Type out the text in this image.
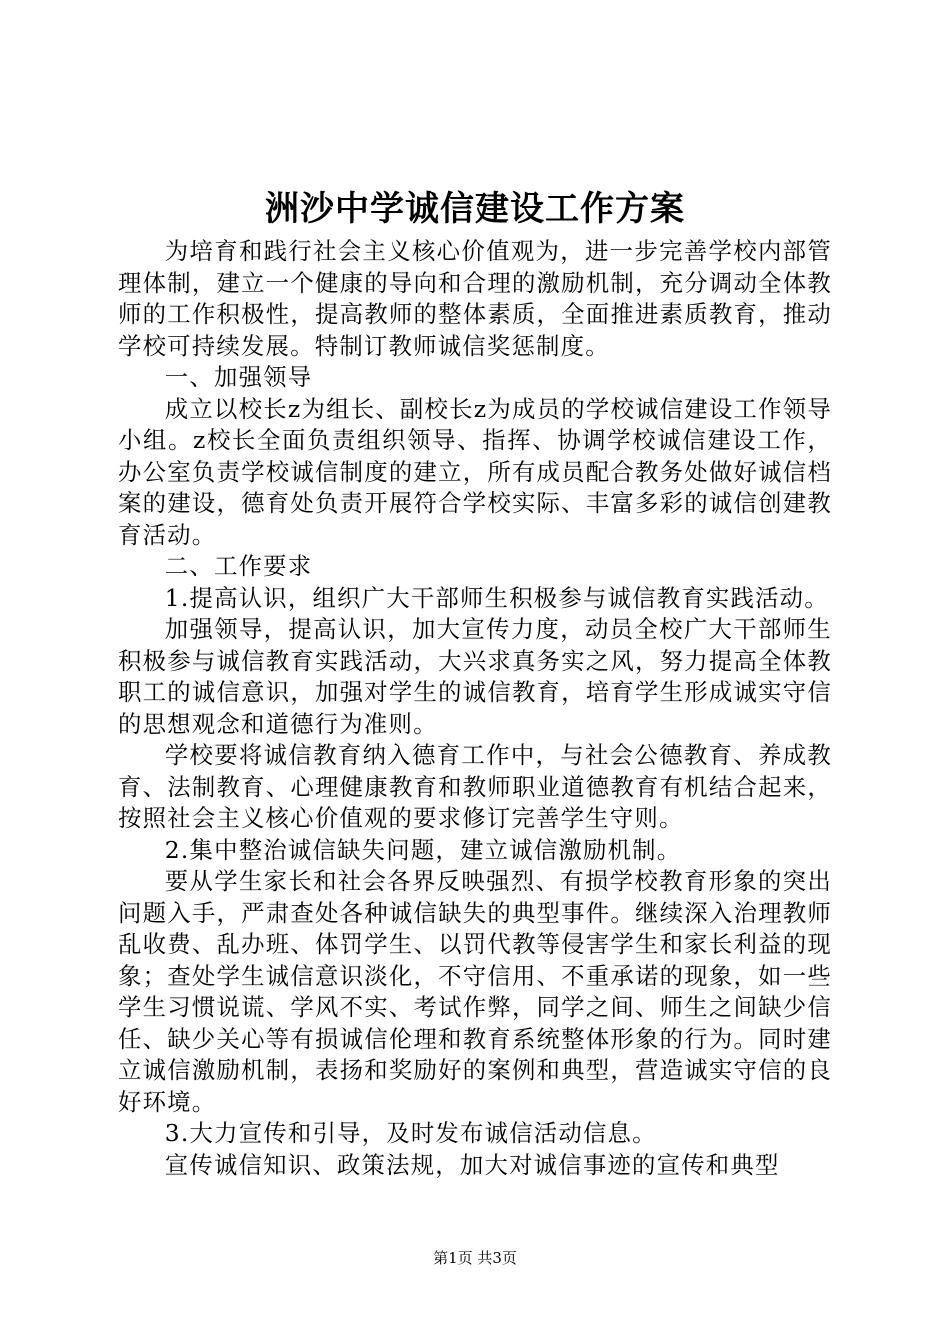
洲沙中学诚信建设工作方案

为培育和践行社会主义核心价值观为，进一步完善学校内部管理体制，建立一个健康的导向和合理的激励机制，充分调动全体教师的工作积极性，提高教师的整体素质，全面推进素质教育，推动学校可持续发展。特制订教师诚信奖惩制度。

一、加强领导

成立以校长z为组长、副校长z为成员的学校诚信建设工作领导小组。z校长全面负责组织领导、指挥、协调学校诚信建设工作，办公室负责学校诚信制度的建立，所有成员配合教务处做好诚信档案的建设，德育处负责开展符合学校实际、丰富多彩的诚信创建教育活动。

二、工作要求

1.提高认识，组织广大干部师生积极参与诚信教育实践活动。

加强领导，提高认识，加大宣传力度，动员全校广大干部师生积极参与诚信教育实践活动，大兴求真务实之风，努力提高全体教职工的诚信意识，加强对学生的诚信教育，培育学生形成诚实守信的思想观念和道德行为准则。

学校要将诚信教育纳入德育工作中，与社会公德教育、养成教育、法制教育、心理健康教育和教师职业道德教育有机结合起来，按照社会主义核心价值观的要求修订完善学生守则。

2.集中整治诚信缺失问题，建立诚信激励机制。

要从学生家长和社会各界反映强烈、有损学校教育形象的突出问题入手，严肃查处各种诚信缺失的典型事件。继续深入治理教师乱收费、乱办班、体罚学生、以罚代教等侵害学生和家长利益的现象；查处学生诚信意识淡化，不守信用、不重承诺的现象，如一些学生习惯说谎、学风不实、考试作弊，同学之间、师生之间缺少信任、缺少关心等有损诚信伦理和教育系统整体形象的行为。同时建立诚信激励机制，表扬和奖励好的案例和典型，营造诚实守信的良好环境。

3.大力宣传和引导，及时发布诚信活动信息。

宣传诚信知识、政策法规，加大对诚信事迹的宣传和典型

第1页 共3页
